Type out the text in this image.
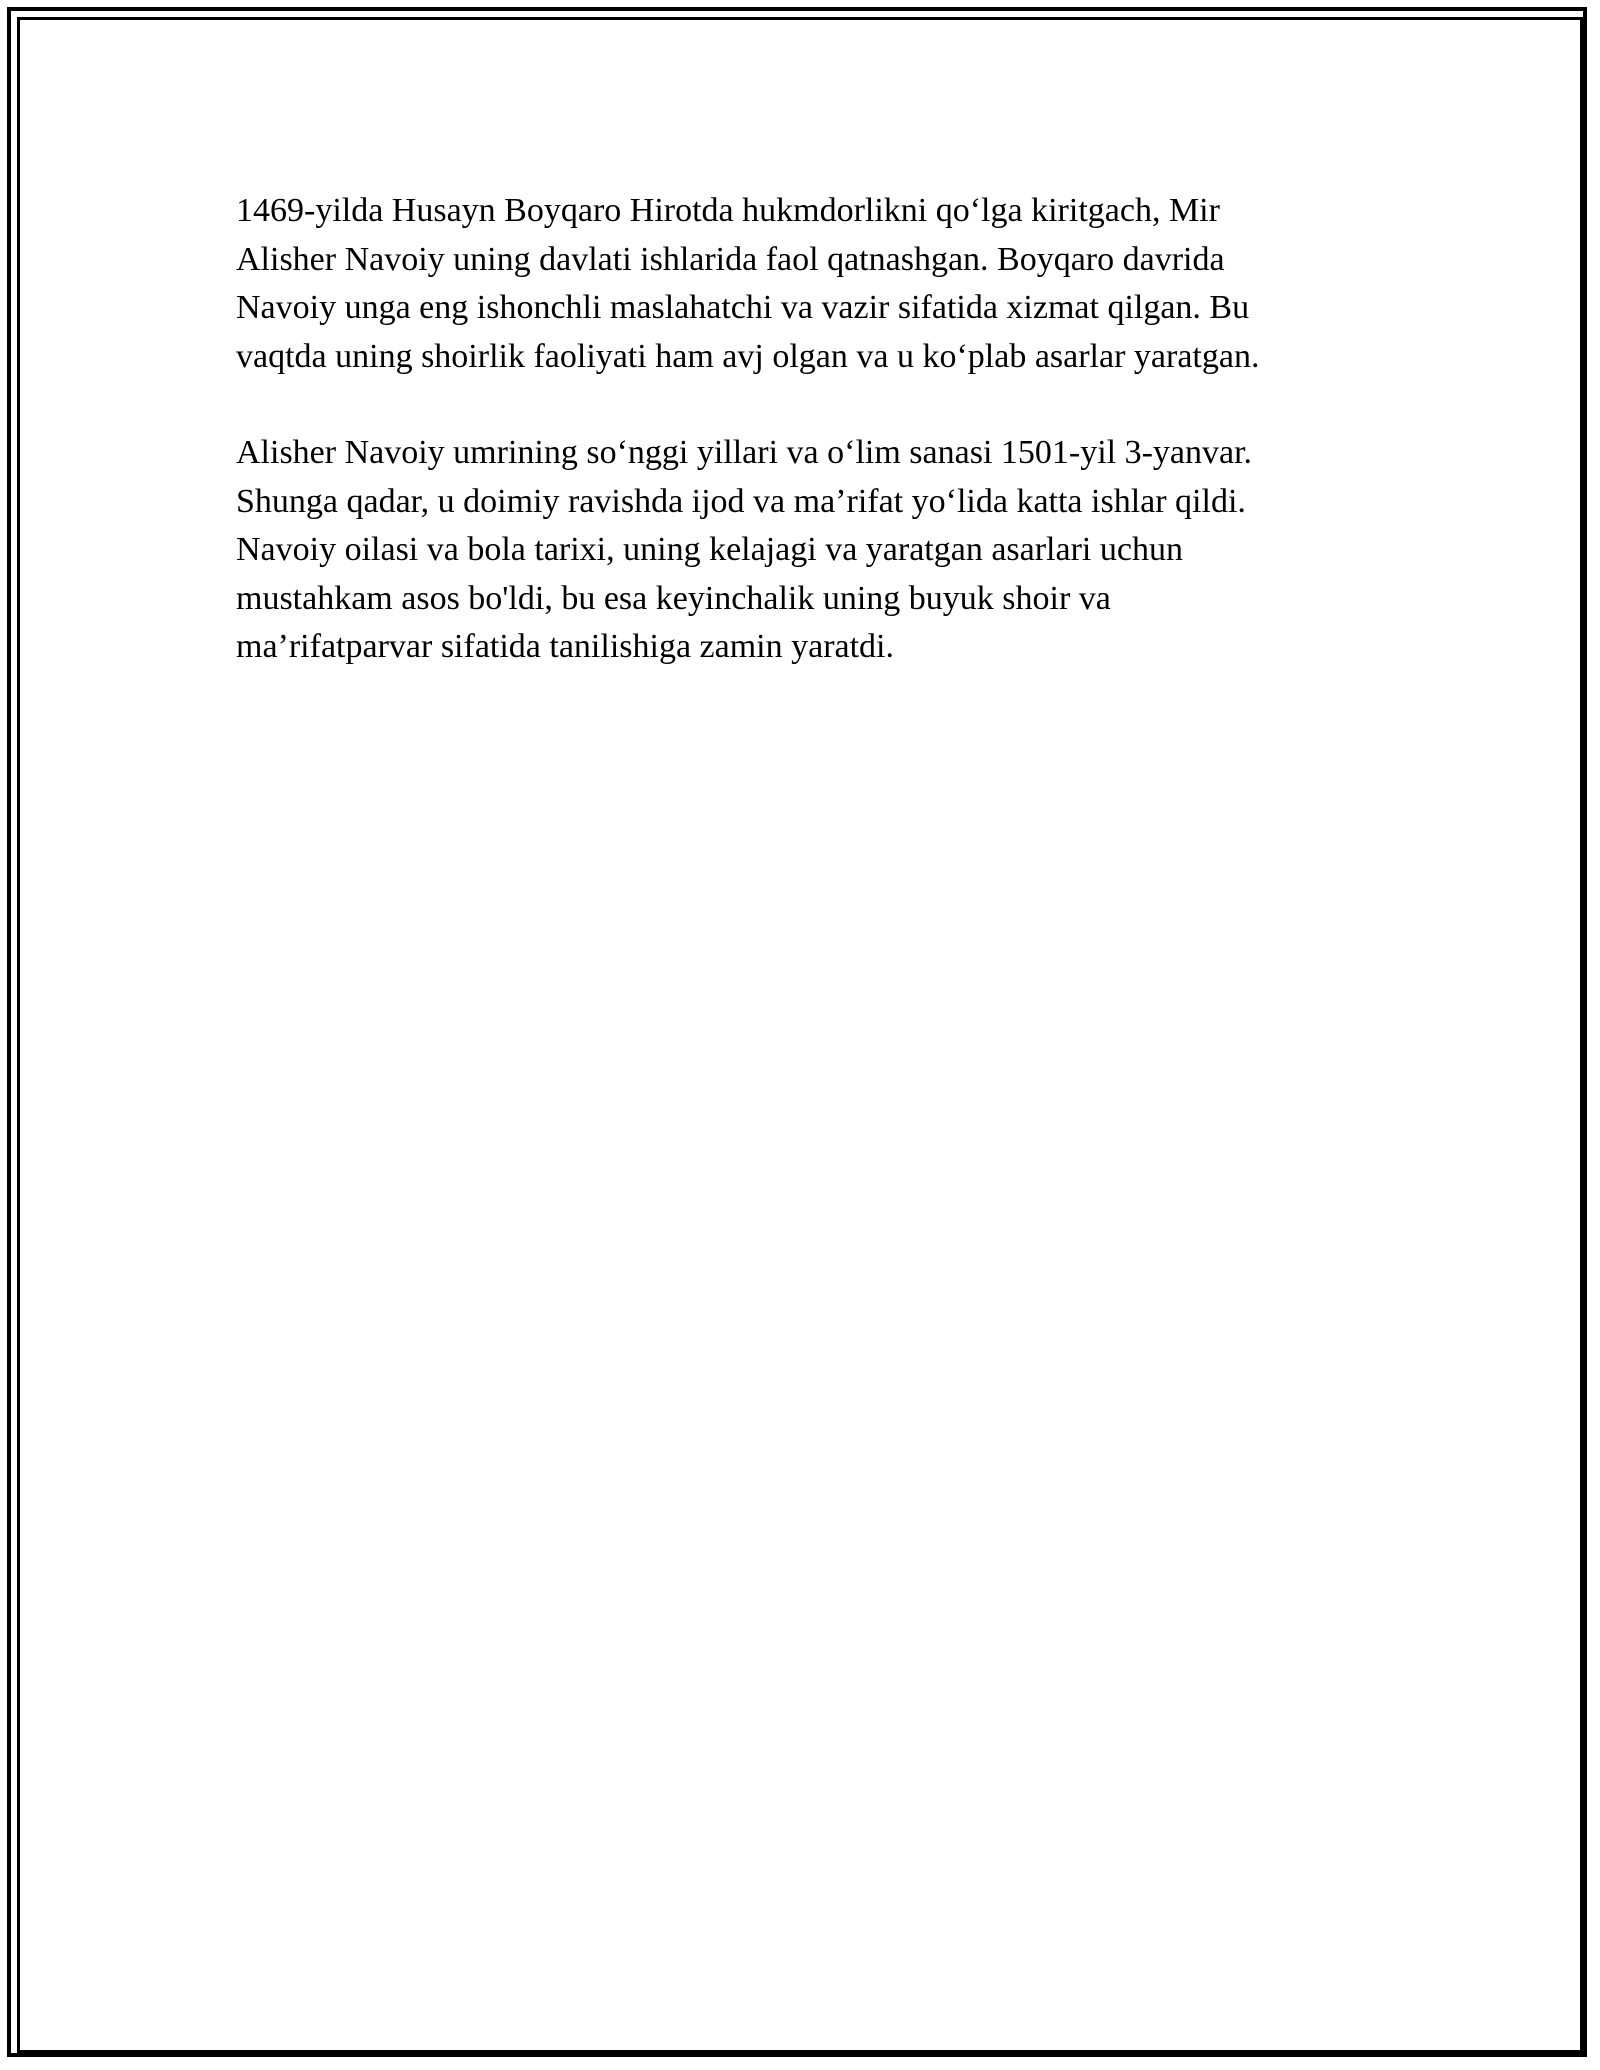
1469-yilda Husayn Boyqaro Hirotda hukmdorlikni qo‘lga kiritgach, Mir
Alisher Navoiy uning davlati ishlarida faol qatnashgan. Boyqaro davrida
Navoiy unga eng ishonchli maslahatchi va vazir sifatida xizmat qilgan. Bu
vaqtda uning shoirlik faoliyati ham avj olgan va u ko‘plab asarlar yaratgan.

Alisher Navoiy umrining so‘nggi yillari va o‘lim sanasi 1501-yil 3-yanvar.
Shunga qadar, u doimiy ravishda ijod va ma’rifat yo‘lida katta ishlar qildi.
Navoiy oilasi va bola tarixi, uning kelajagi va yaratgan asarlari uchun
mustahkam asos bo'ldi, bu esa keyinchalik uning buyuk shoir va
ma’rifatparvar sifatida tanilishiga zamin yaratdi.
